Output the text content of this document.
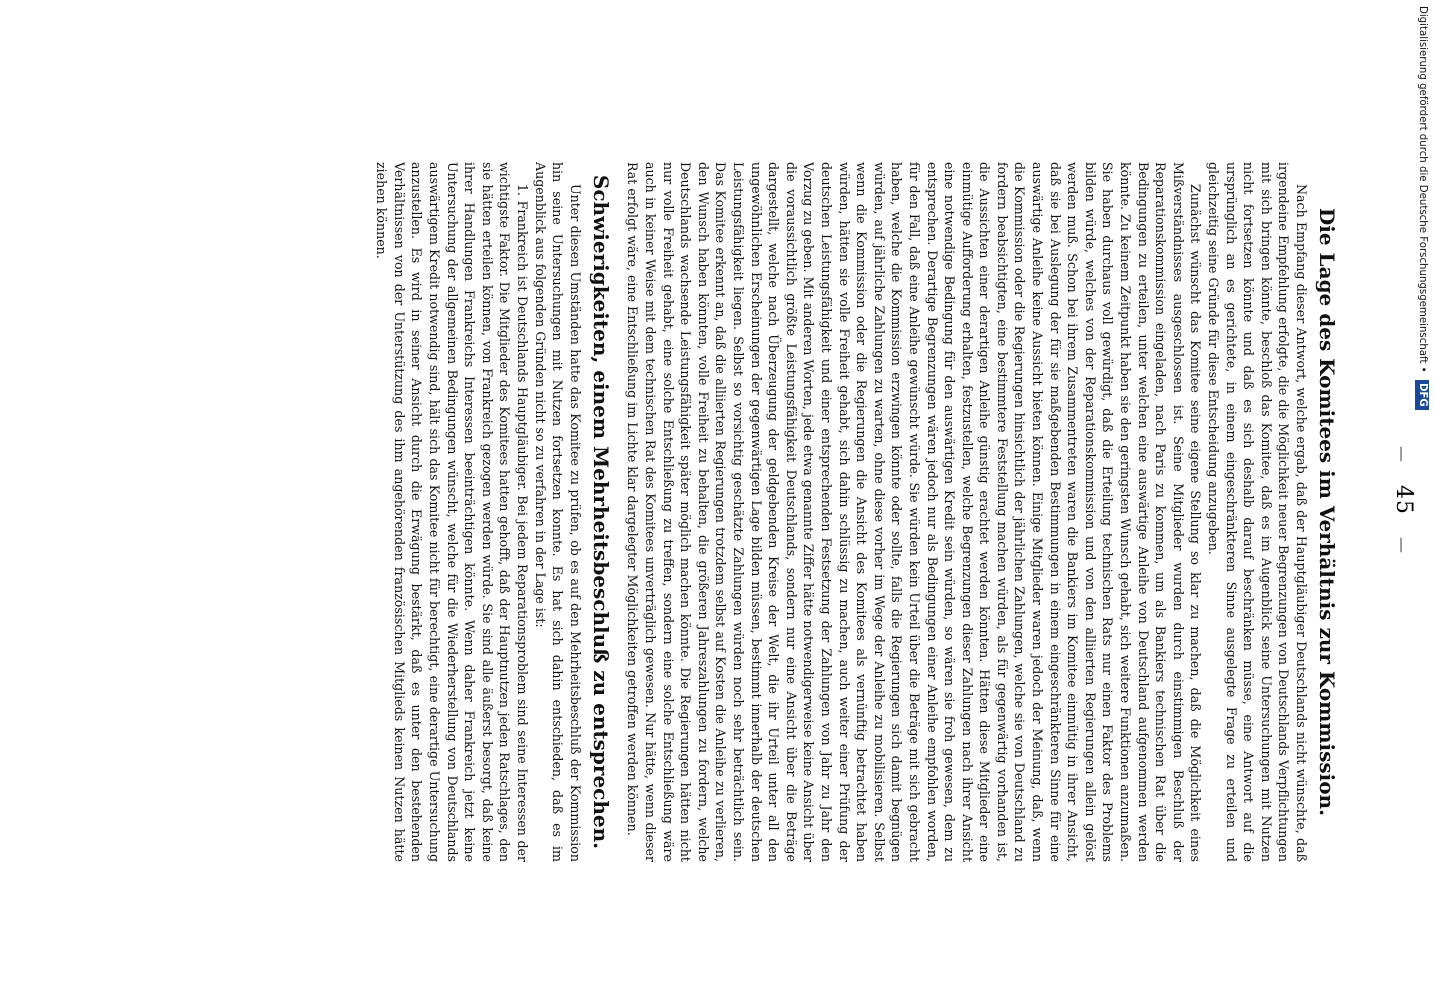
— 45 —
Die Lage des Komitees im Verhältnis zur Kommission.

Nach Empfang dieser Antwort, welche ergab, daß der Hauptgläubiger Deutschlands nicht wünschte, daß irgendeine Empfehlung erfolgte, die die Möglichkeit neuer Begrenzungen von Deutschlands Verpflichtungen mit sich bringen könnte, beschloß das Komitee, daß es im Augenblick seine Untersuchungen mit Nutzen nicht fortsetzen könnte und daß es sich deshalb darauf beschränken müsse, eine Antwort auf die ursprünglich an es gerichtete, in einem eingeschränkteren Sinne ausgelegte Frage zu erteilen und gleichzeitig seine Gründe für diese Entscheidung anzugeben.

Zunächst wünscht das Komitee seine eigene Stellung so klar zu machen, daß die Möglichkeit eines Mißverständnisses ausgeschlossen ist. Seine Mitglieder wurden durch einstimmigen Beschluß der Reparationskommission eingeladen, nach Paris zu kommen, um als Bankiers technischen Rat über die Bedingungen zu erteilen, unter welchen eine auswärtige Anleihe von Deutschland aufgenommen werden könnte. Zu keinem Zeitpunkt haben sie den geringsten Wunsch gehabt, sich weitere Funktionen anzumaßen. Sie haben durchaus voll gewürdigt, daß die Erteilung technischen Rats nur einen Faktor des Problems bilden würde, welches von der Reparationskommission und von den alliierten Regierungen allein gelöst werden muß. Schon bei ihrem Zusammentreten waren die Bankiers im Komitee einmütig in ihrer Ansicht, daß sie bei Auslegung der für sie maßgebenden Bestimmungen in einem eingeschränkteren Sinne für eine auswärtige Anleihe keine Aussicht bieten können. Einige Mitglieder waren jedoch der Meinung, daß, wenn die Kommission oder die Regierungen hinsichtlich der jährlichen Zahlungen, welche sie von Deutschland zu fordern beabsichtigten, eine bestimmtere Feststellung machen würden, als für gegenwärtig vorhanden ist, die Aussichten einer derartigen Anleihe günstig erachtet werden könnten. Hätten diese Mitglieder eine einmütige Aufforderung erhalten, festzustellen, welche Begrenzungen dieser Zahlungen nach ihrer Ansicht eine notwendige Bedingung für den auswärtigen Kredit sein würden, so wären sie froh gewesen, dem zu entsprechen. Derartige Begrenzungen wären jedoch nur als Bedingungen einer Anleihe empfohlen worden, für den Fall, daß eine Anleihe gewünscht würde. Sie würden kein Urteil über die Beträge mit sich gebracht haben, welche die Kommission erzwingen könnte oder sollte, falls die Regierungen sich damit begnügen würden, auf jährliche Zahlungen zu warten, ohne diese vorher im Wege der Anleihe zu mobilisieren. Selbst wenn die Kommission oder die Regierungen die Ansicht des Komitees als vernünftig betrachtet haben würden, hätten sie volle Freiheit gehabt, sich dahin schlüssig zu machen, auch weiter einer Prüfung der deutschen Leistungsfähigkeit und einer entsprechenden Festsetzung der Zahlungen von Jahr zu Jahr den Vorzug zu geben. Mit anderen Worten, jede etwa genannte Ziffer hätte notwendigerweise keine Ansicht über die voraussichtlich größte Leistungsfähigkeit Deutschlands, sondern nur eine Ansicht über die Beträge dargestellt, welche nach Überzeugung der geldgebenden Kreise der Welt, die ihr Urteil unter all den ungewöhnlichen Erscheinungen der gegenwärtigen Lage bilden müssen, bestimmt innerhalb der deutschen Leistungsfähigkeit liegen. Selbst so vorsichtig geschätzte Zahlungen würden noch sehr beträchtlich sein. Das Komitee erkennt an, daß die alliierten Regierungen trotzdem selbst auf Kosten die Anleihe zu verlieren, den Wunsch haben könnten, volle Freiheit zu behalten, die größeren Jahreszahlungen zu fordern, welche Deutschlands wachsende Leistungsfähigkeit später möglich machen könnte. Die Regierungen hätten nicht nur volle Freiheit gehabt, eine solche Entschließung zu treffen, sondern eine solche Entschließung wäre auch in keiner Weise mit dem technischen Rat des Komitees unverträglich gewesen. Nur hätte, wenn dieser Rat erfolgt wäre, eine Entschließung im Lichte klar dargelegter Möglichkeiten getroffen werden können.

Schwierigkeiten, einem Mehrheitsbeschluß zu entsprechen.

Unter diesen Umständen hatte das Komitee zu prüfen, ob es auf den Mehrheitsbeschluß der Kommission hin seine Untersuchungen mit Nutzen fortsetzen konnte. Es hat sich dahin entschieden, daß es im Augenblick aus folgenden Gründen nicht so zu verfahren in der Lage ist:

1. Frankreich ist Deutschlands Hauptgläubiger. Bei jedem Reparationsproblem sind seine Interessen der wichtigste Faktor. Die Mitglieder des Komitees hatten gehofft, daß der Hauptnutzen jeden Ratschlages, den sie hätten erteilen können, von Frankreich gezogen werden würde. Sie sind alle äußerst besorgt, daß keine ihrer Handlungen Frankreichs Interessen beeinträchtigen könnte. Wenn daher Frankreich jetzt keine Untersuchung der allgemeinen Bedingungen wünscht, welche für die Wiederherstellung von Deutschlands auswärtigem Kredit notwendig sind, hält sich das Komitee nicht für berechtigt, eine derartige Untersuchung anzustellen. Es wird in seiner Ansicht durch die Erwägung bestärkt, daß es unter den bestehenden Verhältnissen von der Unterstützung des ihm angehörenden französischen Mitglieds keinen Nutzen hätte ziehen können.	Digitalisierung gefördert durch die Deutsche Forschungsgemeinschaft • DFG
